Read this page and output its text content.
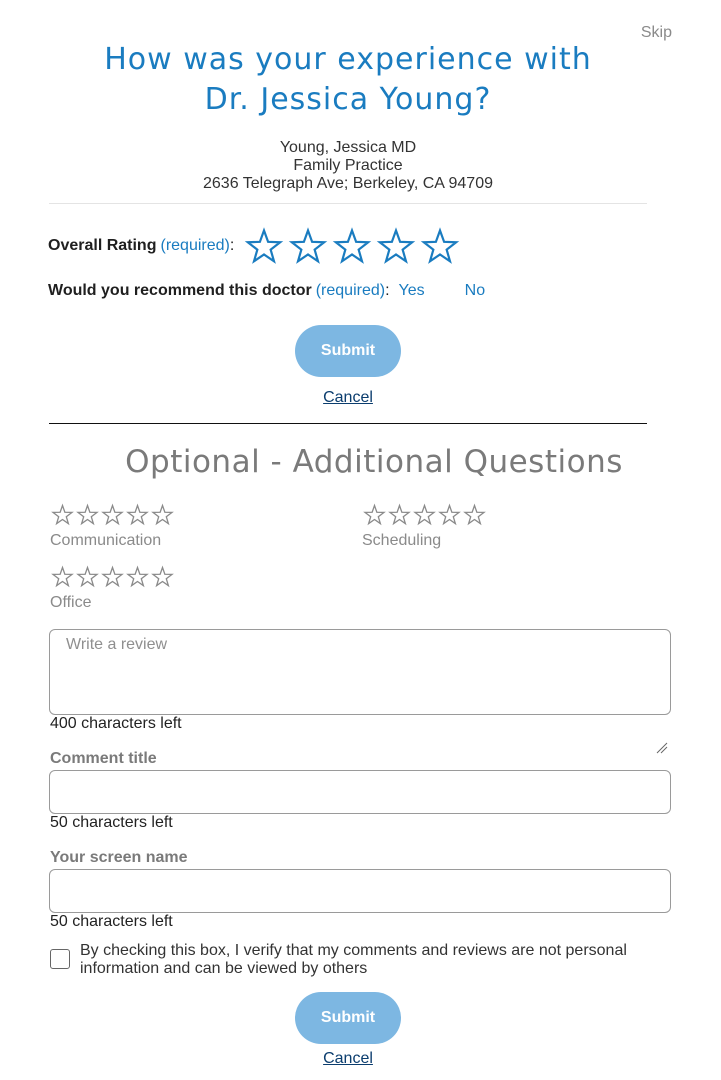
Skip
How was your experience with
Dr. Jessica Young?
Young, Jessica MD
Family Practice
2636 Telegraph Ave; Berkeley, CA 94709
Overall Rating (required) :
Would you recommend this doctor (required) : Yes	No
Submit
Cancel
Optional - Additional Questions
Communication	Scheduling
Office
Write a review
400 characters left
Comment title
50 characters left
Your screen name
50 characters left
By checking this box, I verify that my comments and reviews are not personal information and can be viewed by others
Submit
Cancel
